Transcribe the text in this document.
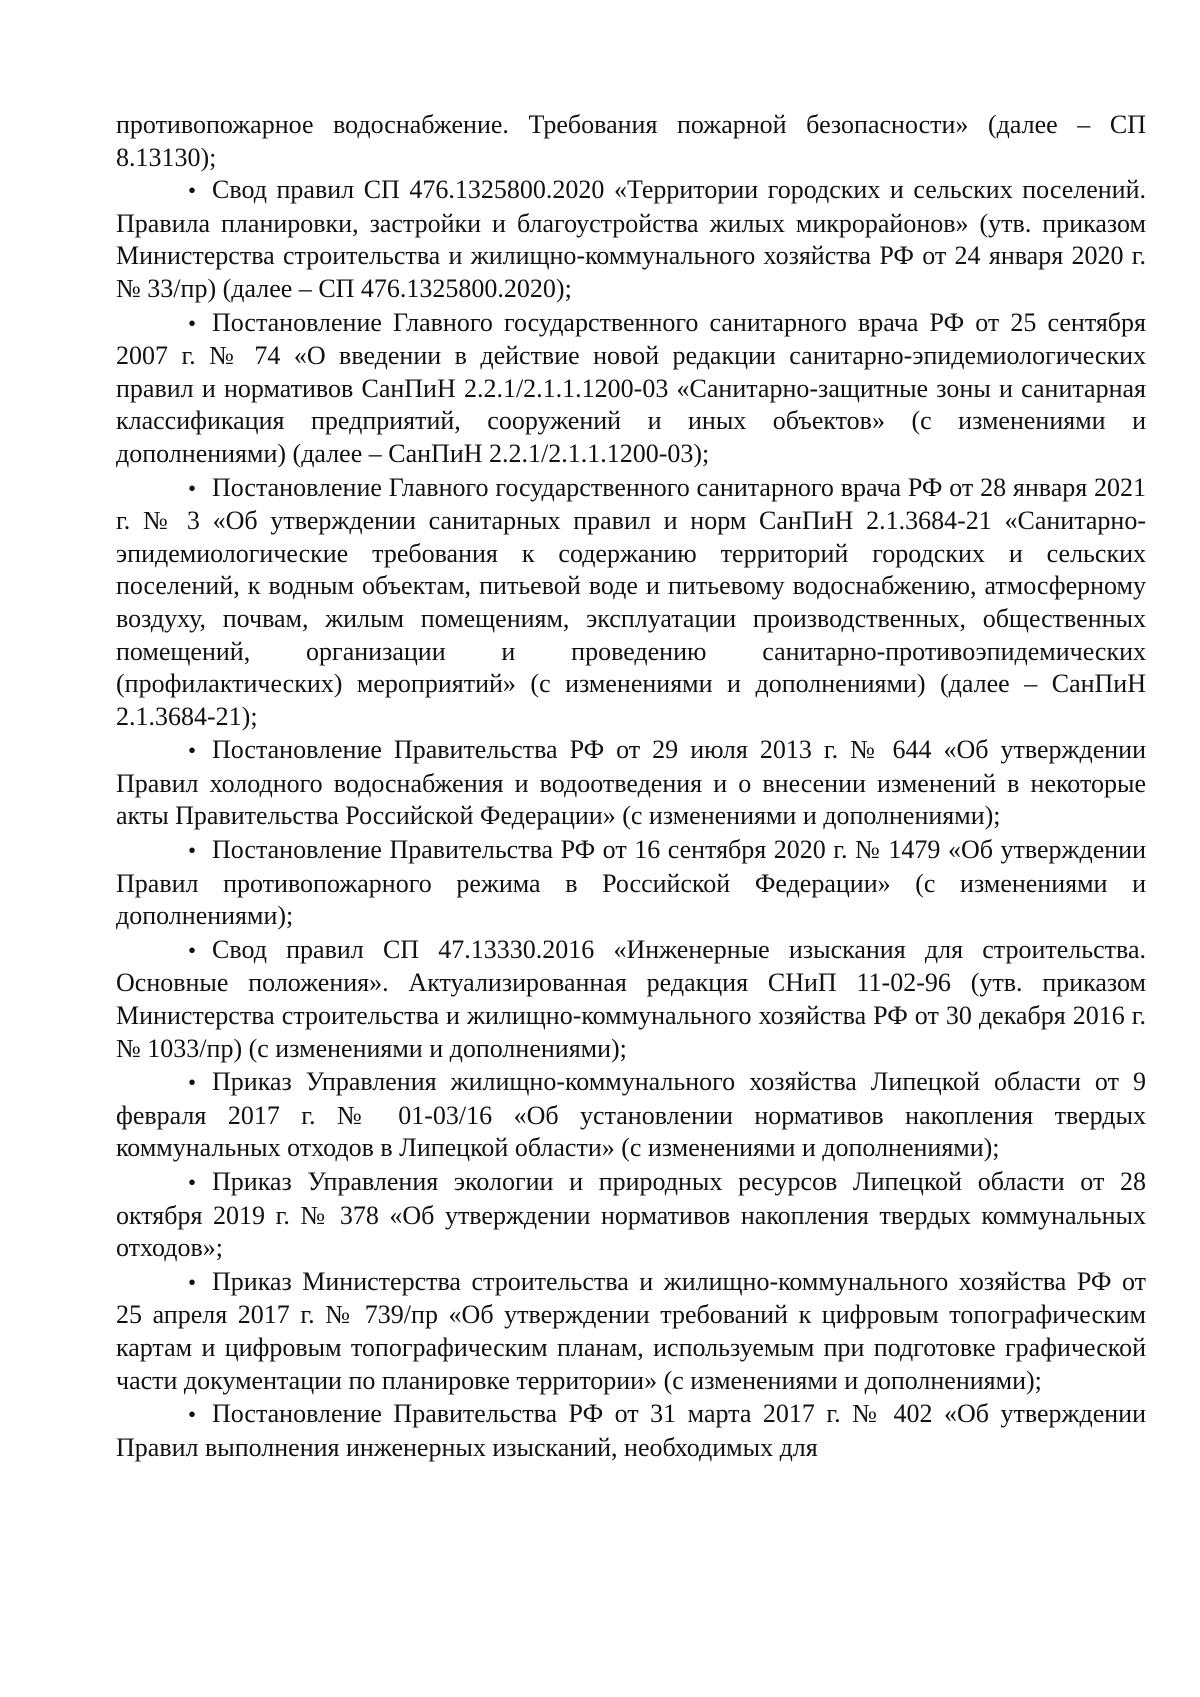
противопожарное водоснабжение. Требования пожарной безопасности» (далее – СП 8.13130);

• Свод правил СП 476.1325800.2020 «Территории городских и сельских поселений. Правила планировки, застройки и благоустройства жилых микрорайонов» (утв. приказом Министерства строительства и жилищно-коммунального хозяйства РФ от 24 января 2020 г. № 33/пр) (далее – СП 476.1325800.2020);

• Постановление Главного государственного санитарного врача РФ от 25 сентября 2007 г. № 74 «О введении в действие новой редакции санитарно-эпидемиологических правил и нормативов СанПиН 2.2.1/2.1.1.1200-03 «Санитарно-защитные зоны и санитарная классификация предприятий, сооружений и иных объектов» (с изменениями и дополнениями) (далее – СанПиН 2.2.1/2.1.1.1200-03);

• Постановление Главного государственного санитарного врача РФ от 28 января 2021 г. № 3 «Об утверждении санитарных правил и норм СанПиН 2.1.3684-21 «Санитарно-эпидемиологические требования к содержанию территорий городских и сельских поселений, к водным объектам, питьевой воде и питьевому водоснабжению, атмосферному воздуху, почвам, жилым помещениям, эксплуатации производственных, общественных помещений, организации и проведению санитарно-противоэпидемических (профилактических) мероприятий» (с изменениями и дополнениями) (далее – СанПиН 2.1.3684-21);

• Постановление Правительства РФ от 29 июля 2013 г. № 644 «Об утверждении Правил холодного водоснабжения и водоотведения и о внесении изменений в некоторые акты Правительства Российской Федерации» (с изменениями и дополнениями);

• Постановление Правительства РФ от 16 сентября 2020 г. № 1479 «Об утверждении Правил противопожарного режима в Российской Федерации» (с изменениями и дополнениями);

• Свод правил СП 47.13330.2016 «Инженерные изыскания для строительства. Основные положения». Актуализированная редакция СНиП 11-02-96 (утв. приказом Министерства строительства и жилищно-коммунального хозяйства РФ от 30 декабря 2016 г. № 1033/пр) (с изменениями и дополнениями);

• Приказ Управления жилищно-коммунального хозяйства Липецкой области от 9 февраля 2017 г. № 01-03/16 «Об установлении нормативов накопления твердых коммунальных отходов в Липецкой области» (с изменениями и дополнениями);

• Приказ Управления экологии и природных ресурсов Липецкой области от 28 октября 2019 г. № 378 «Об утверждении нормативов накопления твердых коммунальных отходов»;

• Приказ Министерства строительства и жилищно-коммунального хозяйства РФ от 25 апреля 2017 г. № 739/пр «Об утверждении требований к цифровым топографическим картам и цифровым топографическим планам, используемым при подготовке графической части документации по планировке территории» (с изменениями и дополнениями);

• Постановление Правительства РФ от 31 марта 2017 г. № 402 «Об утверждении Правил выполнения инженерных изысканий, необходимых для
